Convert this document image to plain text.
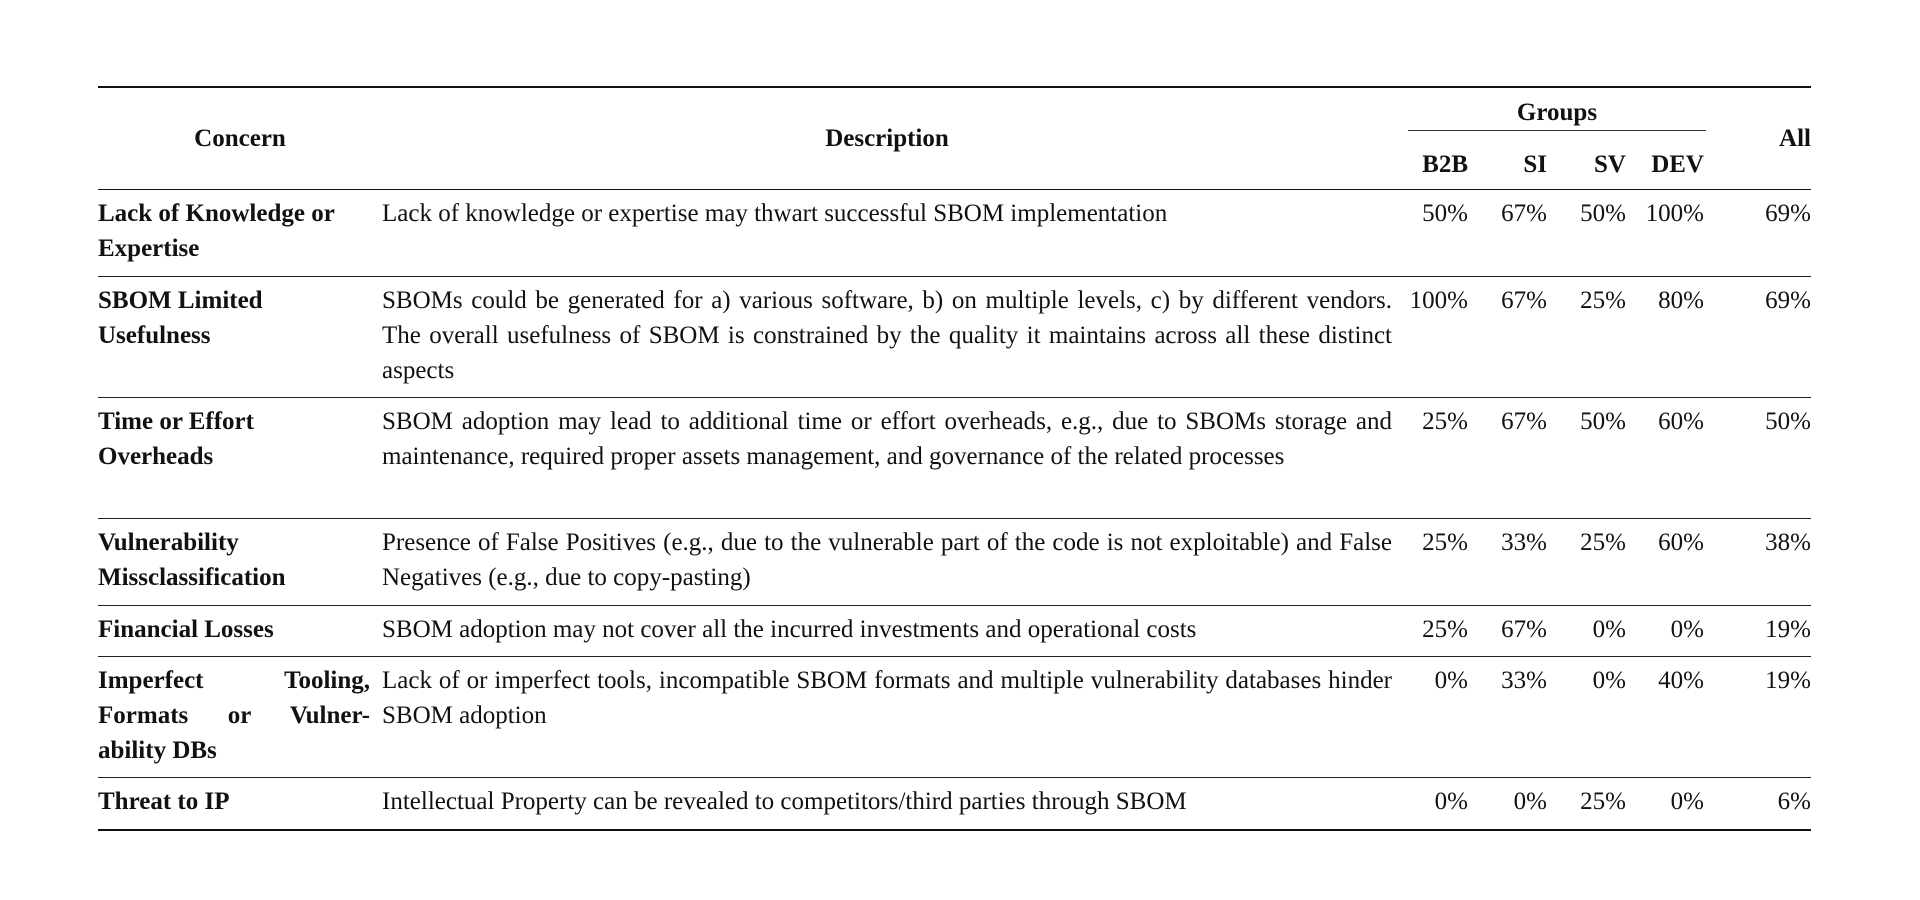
Concern	Description	Groups				All
		B2B	SI	SV	DEV	
Lack of Knowledge or Expertise	Lack of knowledge or expertise may thwart successful SBOM implementation	50%	67%	50%	100%	69%
SBOM Limited Usefulness	SBOMs could be generated for a) various software, b) on multiple levels, c) by different vendors. The overall usefulness of SBOM is constrained by the quality it maintains across all these distinct aspects	100%	67%	25%	80%	69%
Time or Effort Overheads	SBOM adoption may lead to additional time or effort overheads, e.g., due to SBOMs storage and maintenance, required proper assets management, and governance of the related processes	25%	67%	50%	60%	50%
Vulnerability Missclassification	Presence of False Positives (e.g., due to the vulnerable part of the code is not exploitable) and False Negatives (e.g., due to copy-pasting)	25%	33%	25%	60%	38%
Financial Losses	SBOM adoption may not cover all the incurred investments and operational costs	25%	67%	0%	0%	19%
Imperfect Tooling, Formats or Vulner-ability DBs	Lack of or imperfect tools, incompatible SBOM formats and multiple vulnerability databases hinder SBOM adoption	0%	33%	0%	40%	19%
Threat to IP	Intellectual Property can be revealed to competitors/third parties through SBOM	0%	0%	25%	0%	6%
